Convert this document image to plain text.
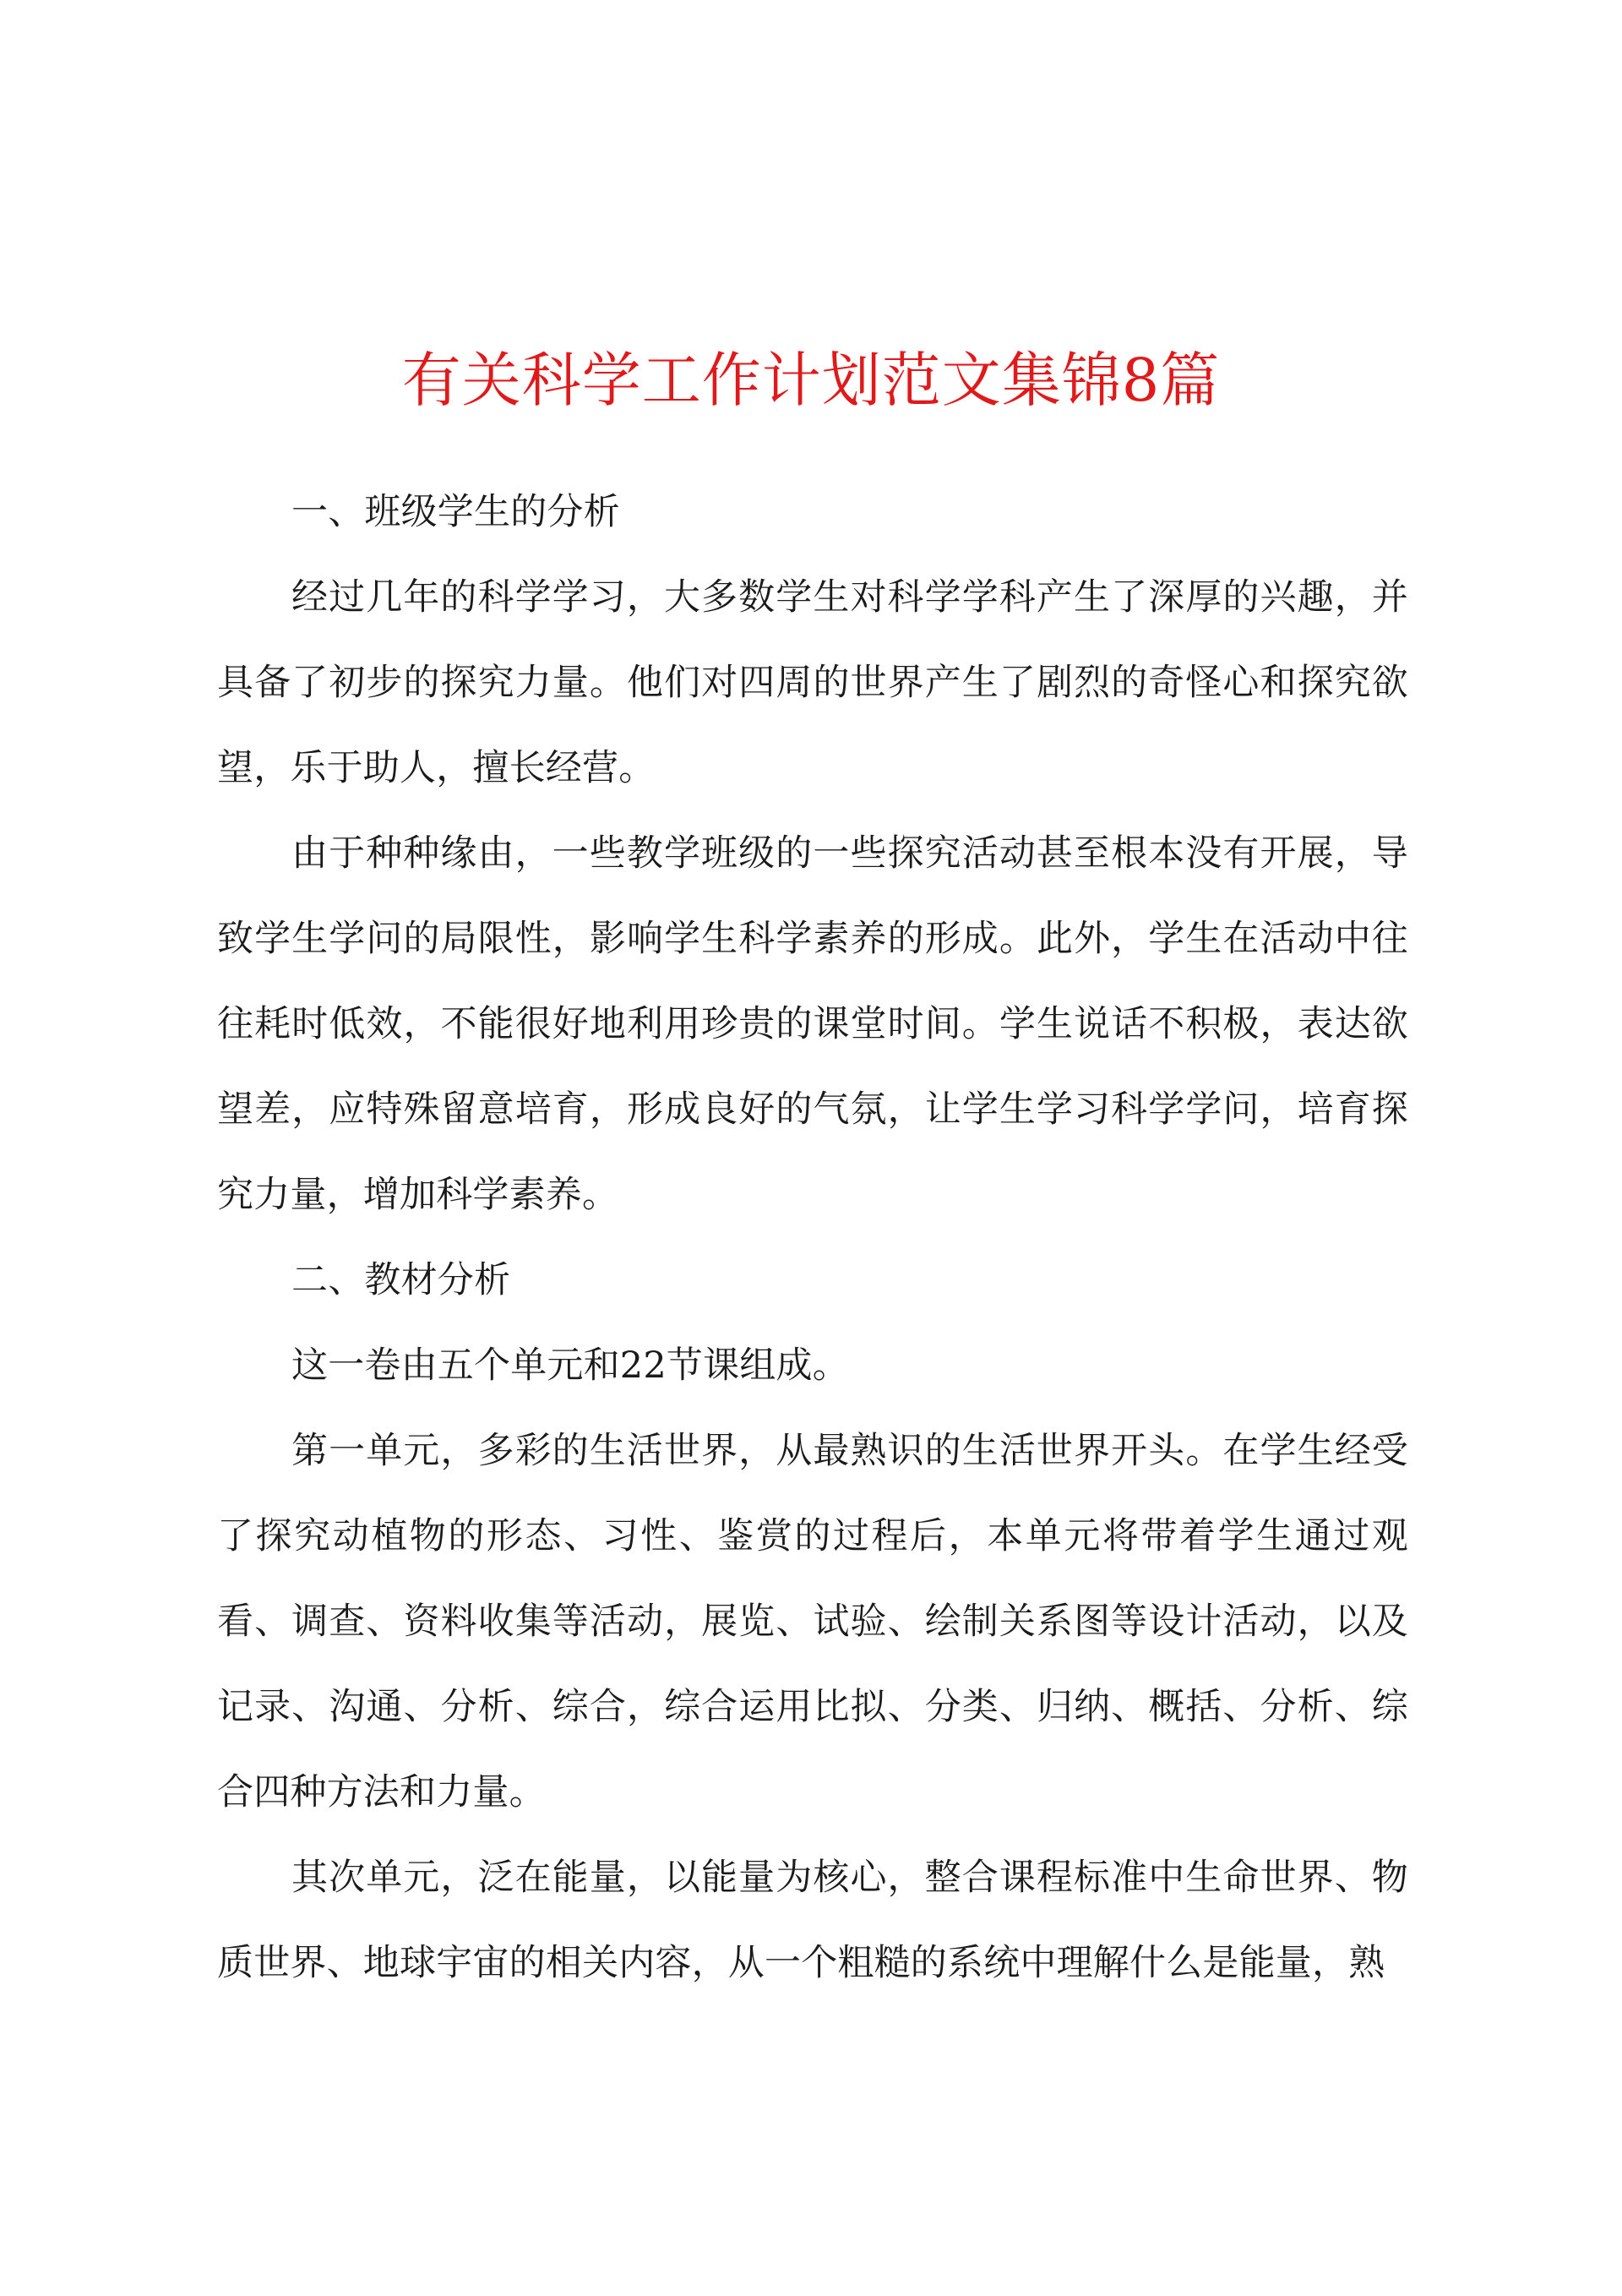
有关科学工作计划范文集锦8篇

一、班级学生的分析

经过几年的科学学习，大多数学生对科学学科产生了深厚的兴趣，并具备了初步的探究力量。他们对四周的世界产生了剧烈的奇怪心和探究欲望，乐于助人，擅长经营。

由于种种缘由，一些教学班级的一些探究活动甚至根本没有开展，导致学生学问的局限性，影响学生科学素养的形成。此外，学生在活动中往往耗时低效，不能很好地利用珍贵的课堂时间。学生说话不积极，表达欲望差，应特殊留意培育，形成良好的气氛，让学生学习科学学问，培育探究力量，增加科学素养。

二、教材分析

这一卷由五个单元和22节课组成。

第一单元，多彩的生活世界，从最熟识的生活世界开头。在学生经受了探究动植物的形态、习性、鉴赏的过程后，本单元将带着学生通过观看、调查、资料收集等活动，展览、试验、绘制关系图等设计活动，以及记录、沟通、分析、综合，综合运用比拟、分类、归纳、概括、分析、综合四种方法和力量。

其次单元，泛在能量，以能量为核心，整合课程标准中生命世界、物质世界、地球宇宙的相关内容，从一个粗糙的系统中理解什么是能量，熟
